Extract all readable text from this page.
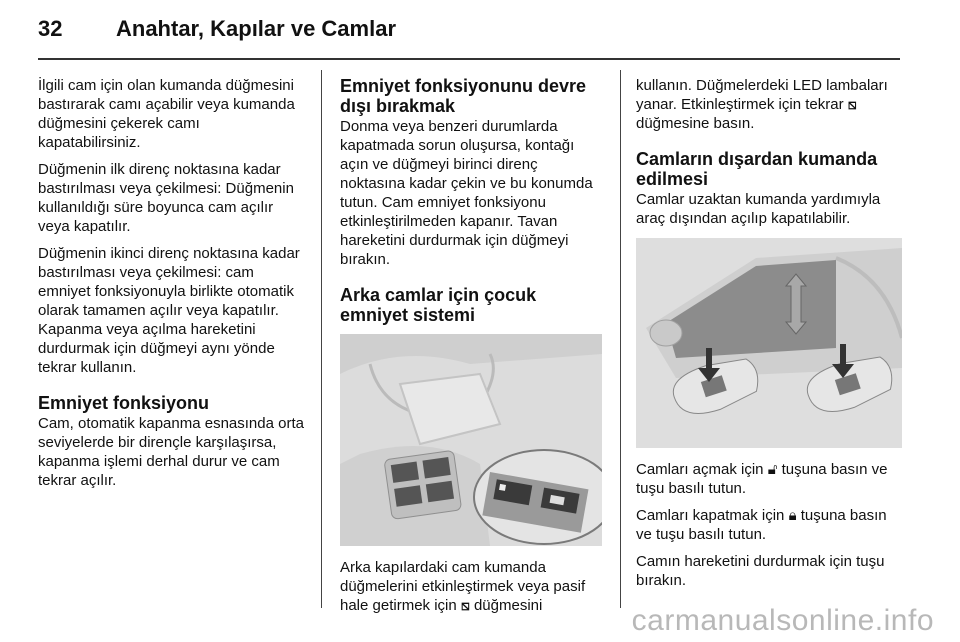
32 Anahtar, Kapılar ve Camlar

İlgili cam için olan kumanda düğmesini bastırarak camı açabilir veya kumanda düğmesini çekerek camı kapatabilirsiniz.

Düğmenin ilk direnç noktasına kadar bastırılması veya çekilmesi: Düğmenin kullanıldığı süre boyunca cam açılır veya kapatılır.

Düğmenin ikinci direnç noktasına kadar bastırılması veya çekilmesi: cam emniyet fonksiyonuyla birlikte otomatik olarak tamamen açılır veya kapatılır. Kapanma veya açılma hareketini durdurmak için düğmeyi aynı yönde tekrar kullanın.

Emniyet fonksiyonu

Cam, otomatik kapanma esnasında orta seviyelerde bir dirençle karşılaşırsa, kapanma işlemi derhal durur ve cam tekrar açılır.

Emniyet fonksiyonunu devre dışı bırakmak

Donma veya benzeri durumlarda kapatmada sorun oluşursa, kontağı açın ve düğmeyi birinci direnç noktasına kadar çekin ve bu konumda tutun. Cam emniyet fonksiyonu etkinleştirilmeden kapanır. Tavan hareketini durdurmak için düğmeyi bırakın.

Arka camlar için çocuk emniyet sistemi

Arka kapılardaki cam kumanda düğmelerini etkinleştirmek veya pasif hale getirmek için ⧅ düğmesini

kullanın. Düğmelerdeki LED lambaları yanar. Etkinleştirmek için tekrar ⧅ düğmesine basın.

Camların dışardan kumanda edilmesi

Camlar uzaktan kumanda yardımıyla araç dışından açılıp kapatılabilir.

Camları açmak için 🔓︎ tuşuna basın ve tuşu basılı tutun.

Camları kapatmak için 🔒︎ tuşuna basın ve tuşu basılı tutun.

Camın hareketini durdurmak için tuşu bırakın.

carmanualsonline.info
